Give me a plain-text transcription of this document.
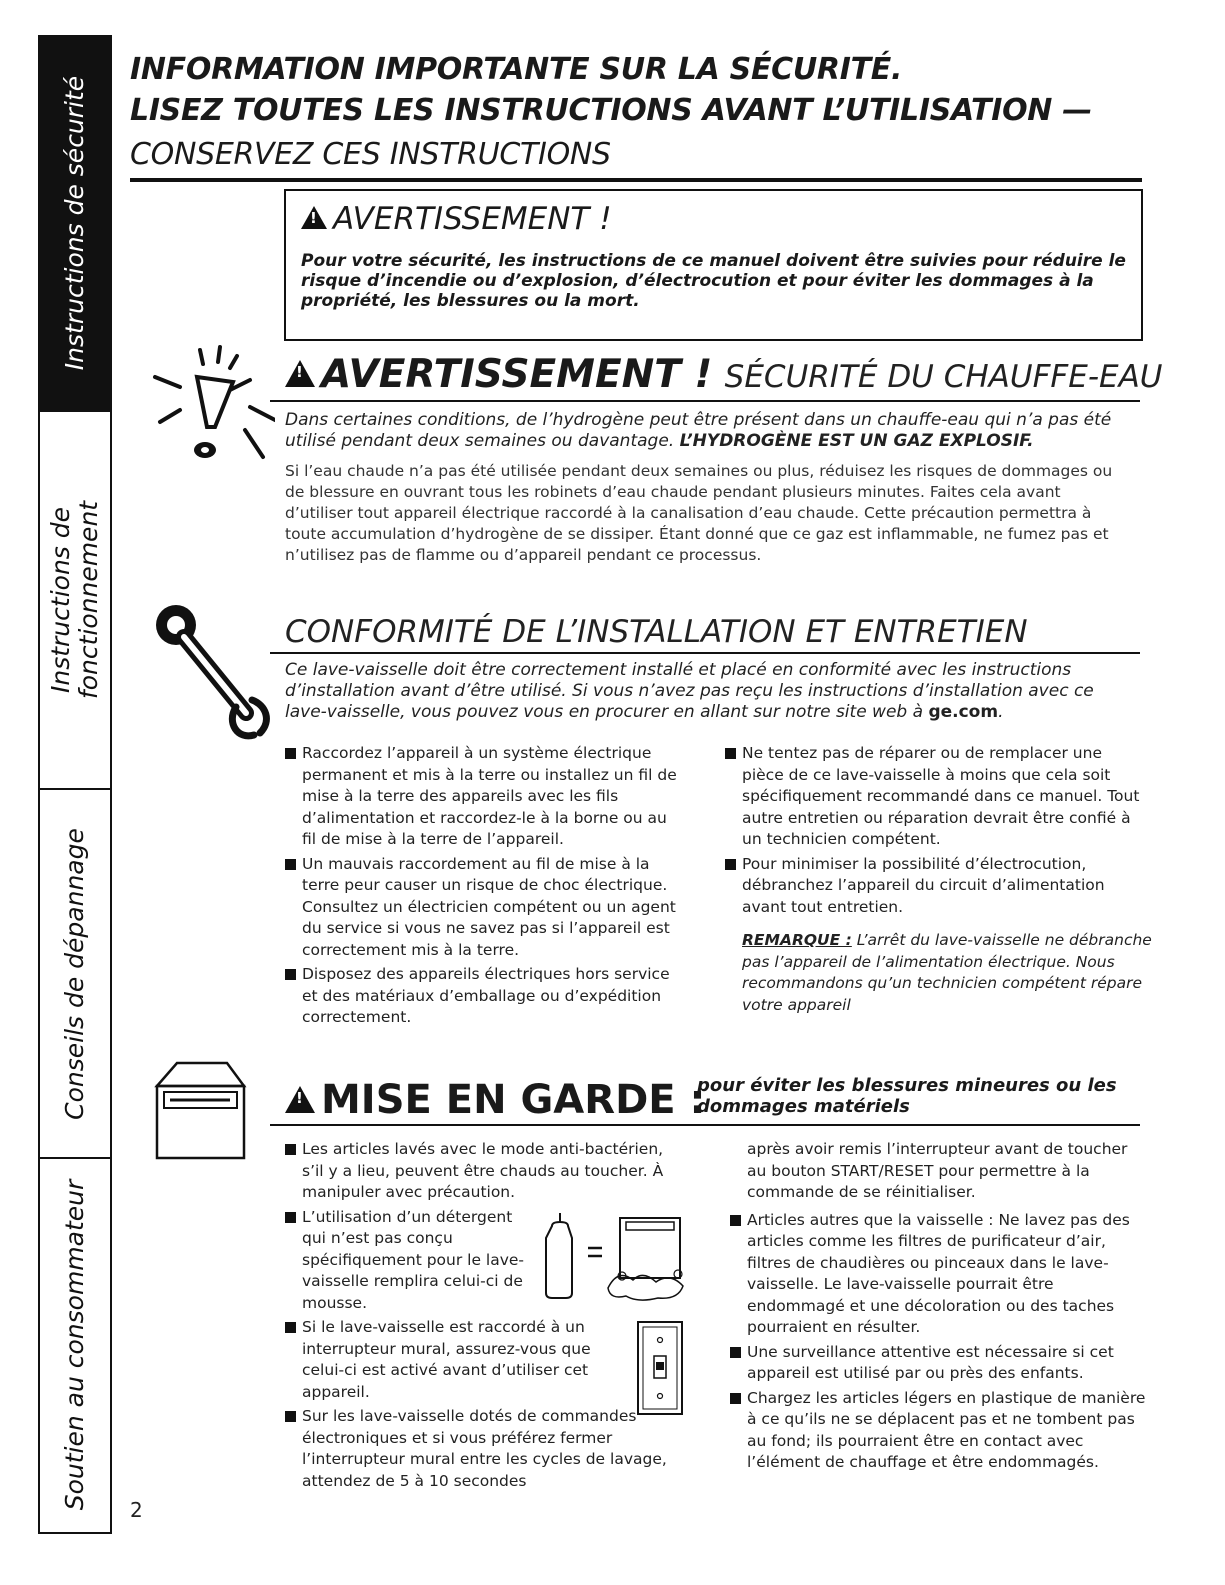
Instructions de sécurité
Instructions de
fonctionnement
Conseils de dépannage
Soutien au consommateur
INFORMATION IMPORTANTE SUR LA SÉCURITÉ.
LISEZ TOUTES LES INSTRUCTIONS AVANT L’UTILISATION —
CONSERVEZ CES INSTRUCTIONS
!AVERTISSEMENT !
Pour votre sécurité, les instructions de ce manuel doivent être suivies pour réduire le risque d’incendie ou d’explosion, d’électrocution et pour éviter les dommages à la propriété, les blessures ou la mort.
!AVERTISSEMENT ! SÉCURITÉ DU CHAUFFE-EAU
Dans certaines conditions, de l’hydrogène peut être présent dans un chauffe-eau qui n’a pas été utilisé pendant deux semaines ou davantage. L’HYDROGÈNE EST UN GAZ EXPLOSIF.
Si l’eau chaude n’a pas été utilisée pendant deux semaines ou plus, réduisez les risques de dommages ou de blessure en ouvrant tous les robinets d’eau chaude pendant plusieurs minutes. Faites cela avant d’utiliser tout appareil électrique raccordé à la canalisation d’eau chaude. Cette précaution permettra à toute accumulation d’hydrogène de se dissiper. Étant donné que ce gaz est inflammable, ne fumez pas et n’utilisez pas de flamme ou d’appareil pendant ce processus.
CONFORMITÉ DE L’INSTALLATION ET ENTRETIEN
Ce lave-vaisselle doit être correctement installé et placé en conformité avec les instructions d’installation avant d’être utilisé. Si vous n’avez pas reçu les instructions d’installation avec ce lave-vaisselle, vous pouvez vous en procurer en allant sur notre site web à ge.com.
Raccordez l’appareil à un système électrique permanent et mis à la terre ou installez un fil de mise à la terre des appareils avec les fils d’alimentation et raccordez-le à la borne ou au fil de mise à la terre de l’appareil.
Un mauvais raccordement au fil de mise à la terre peur causer un risque de choc électrique. Consultez un électricien compétent ou un agent du service si vous ne savez pas si l’appareil est correctement mis à la terre.
Disposez des appareils électriques hors service et des matériaux d’emballage ou d’expédition correctement.
Ne tentez pas de réparer ou de remplacer une pièce de ce lave-vaisselle à moins que cela soit spécifiquement recommandé dans ce manuel. Tout autre entretien ou réparation devrait être confié à un technicien compétent.
Pour minimiser la possibilité d’électrocution, débranchez l’appareil du circuit d’alimentation avant tout entretien.
REMARQUE : L’arrêt du lave-vaisselle ne débranche pas l’appareil de l’alimentation électrique. Nous recommandons qu’un technicien compétent répare votre appareil
!MISE EN GARDE :
pour éviter les blessures mineures ou les
dommages matériels
Les articles lavés avec le mode anti-bactérien, s’il y a lieu, peuvent être chauds au toucher. À manipuler avec précaution.
L’utilisation d’un détergent qui n’est pas conçu spécifiquement pour le lave-vaisselle remplira celui-ci de mousse.
Si le lave-vaisselle est raccordé à un interrupteur mural, assurez-vous que celui-ci est activé avant d’utiliser cet appareil.
Sur les lave-vaisselle dotés de commandes électroniques et si vous préférez fermer l’interrupteur mural entre les cycles de lavage, attendez de 5 à 10 secondes
après avoir remis l’interrupteur avant de toucher au bouton START/RESET pour permettre à la commande de se réinitialiser.
Articles autres que la vaisselle : Ne lavez pas des articles comme les filtres de purificateur d’air, filtres de chaudières ou pinceaux dans le lave-vaisselle. Le lave-vaisselle pourrait être endommagé et une décoloration ou des taches pourraient en résulter.
Une surveillance attentive est nécessaire si cet appareil est utilisé par ou près des enfants.
Chargez les articles légers en plastique de manière à ce qu’ils ne se déplacent pas et ne tombent pas au fond; ils pourraient être en contact avec l’élément de chauffage et être endommagés.
2
